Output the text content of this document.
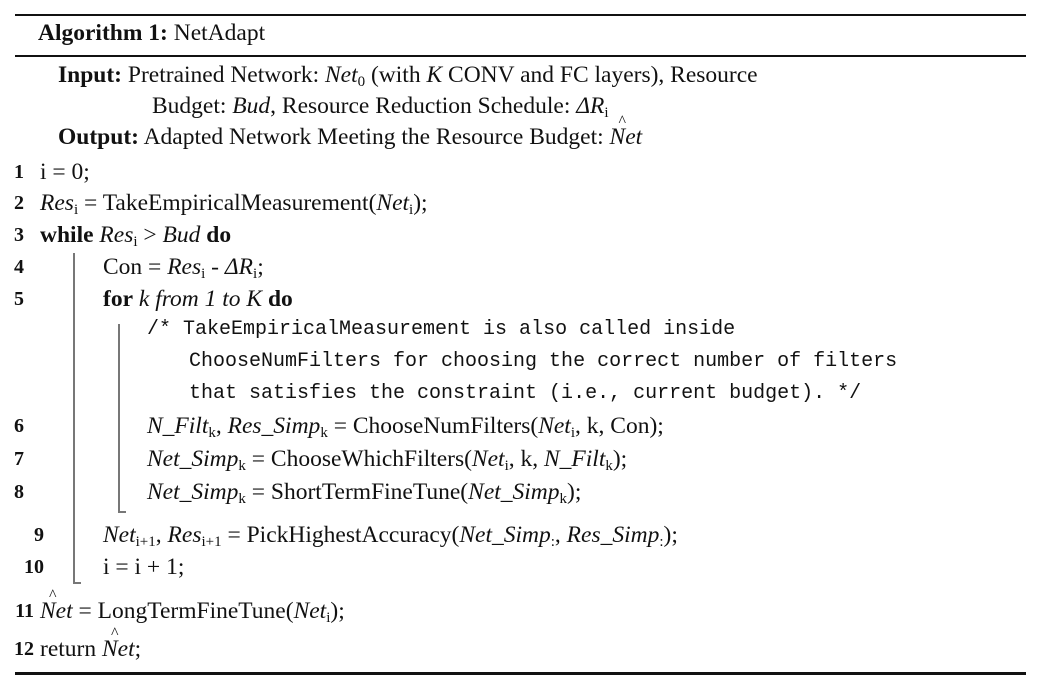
Algorithm 1: NetAdapt
Input: Pretrained Network: Net$_0$ (with K CONV and FC layers), Resource
Budget: Bud, Resource Reduction Schedule: $\Delta R_i$
Output: Adapted Network Meeting the Resource Budget: Net ^
1 i = 0;
2 Res$_i$ = TakeEmpiricalMeasurement(Net$_i$);
3 while Res$_i$ > Bud do
4	Con = $Res_i - \Delta R_i$;
5	for k from 1 to K do
/* TakeEmpiricalMeasurement is also called inside
ChooseNumFilters for choosing the correct number of filters
that satisfies the constraint (i.e., current budget). */
6	N_Filt$_k$, Res_Simp$_k$ = ChooseNumFilters(Net$_i$, k, Con);
7	Net_Simp$_k$ = ChooseWhichFilters(Net$_i$, k, N_Filt$_k$);
8	Net_Simp$_k$ = ShortTermFineTune(Net_Simp$_k$);
9	Net$_{i+1}$, Res$_{i+1}$ = PickHighestAccuracy(Net_Simp$_:$, Res_Simp$_:$);
10	i = i + 1;
11 Net ^ = LongTermFineTune(Net$_i$);
12 return Net ^;
